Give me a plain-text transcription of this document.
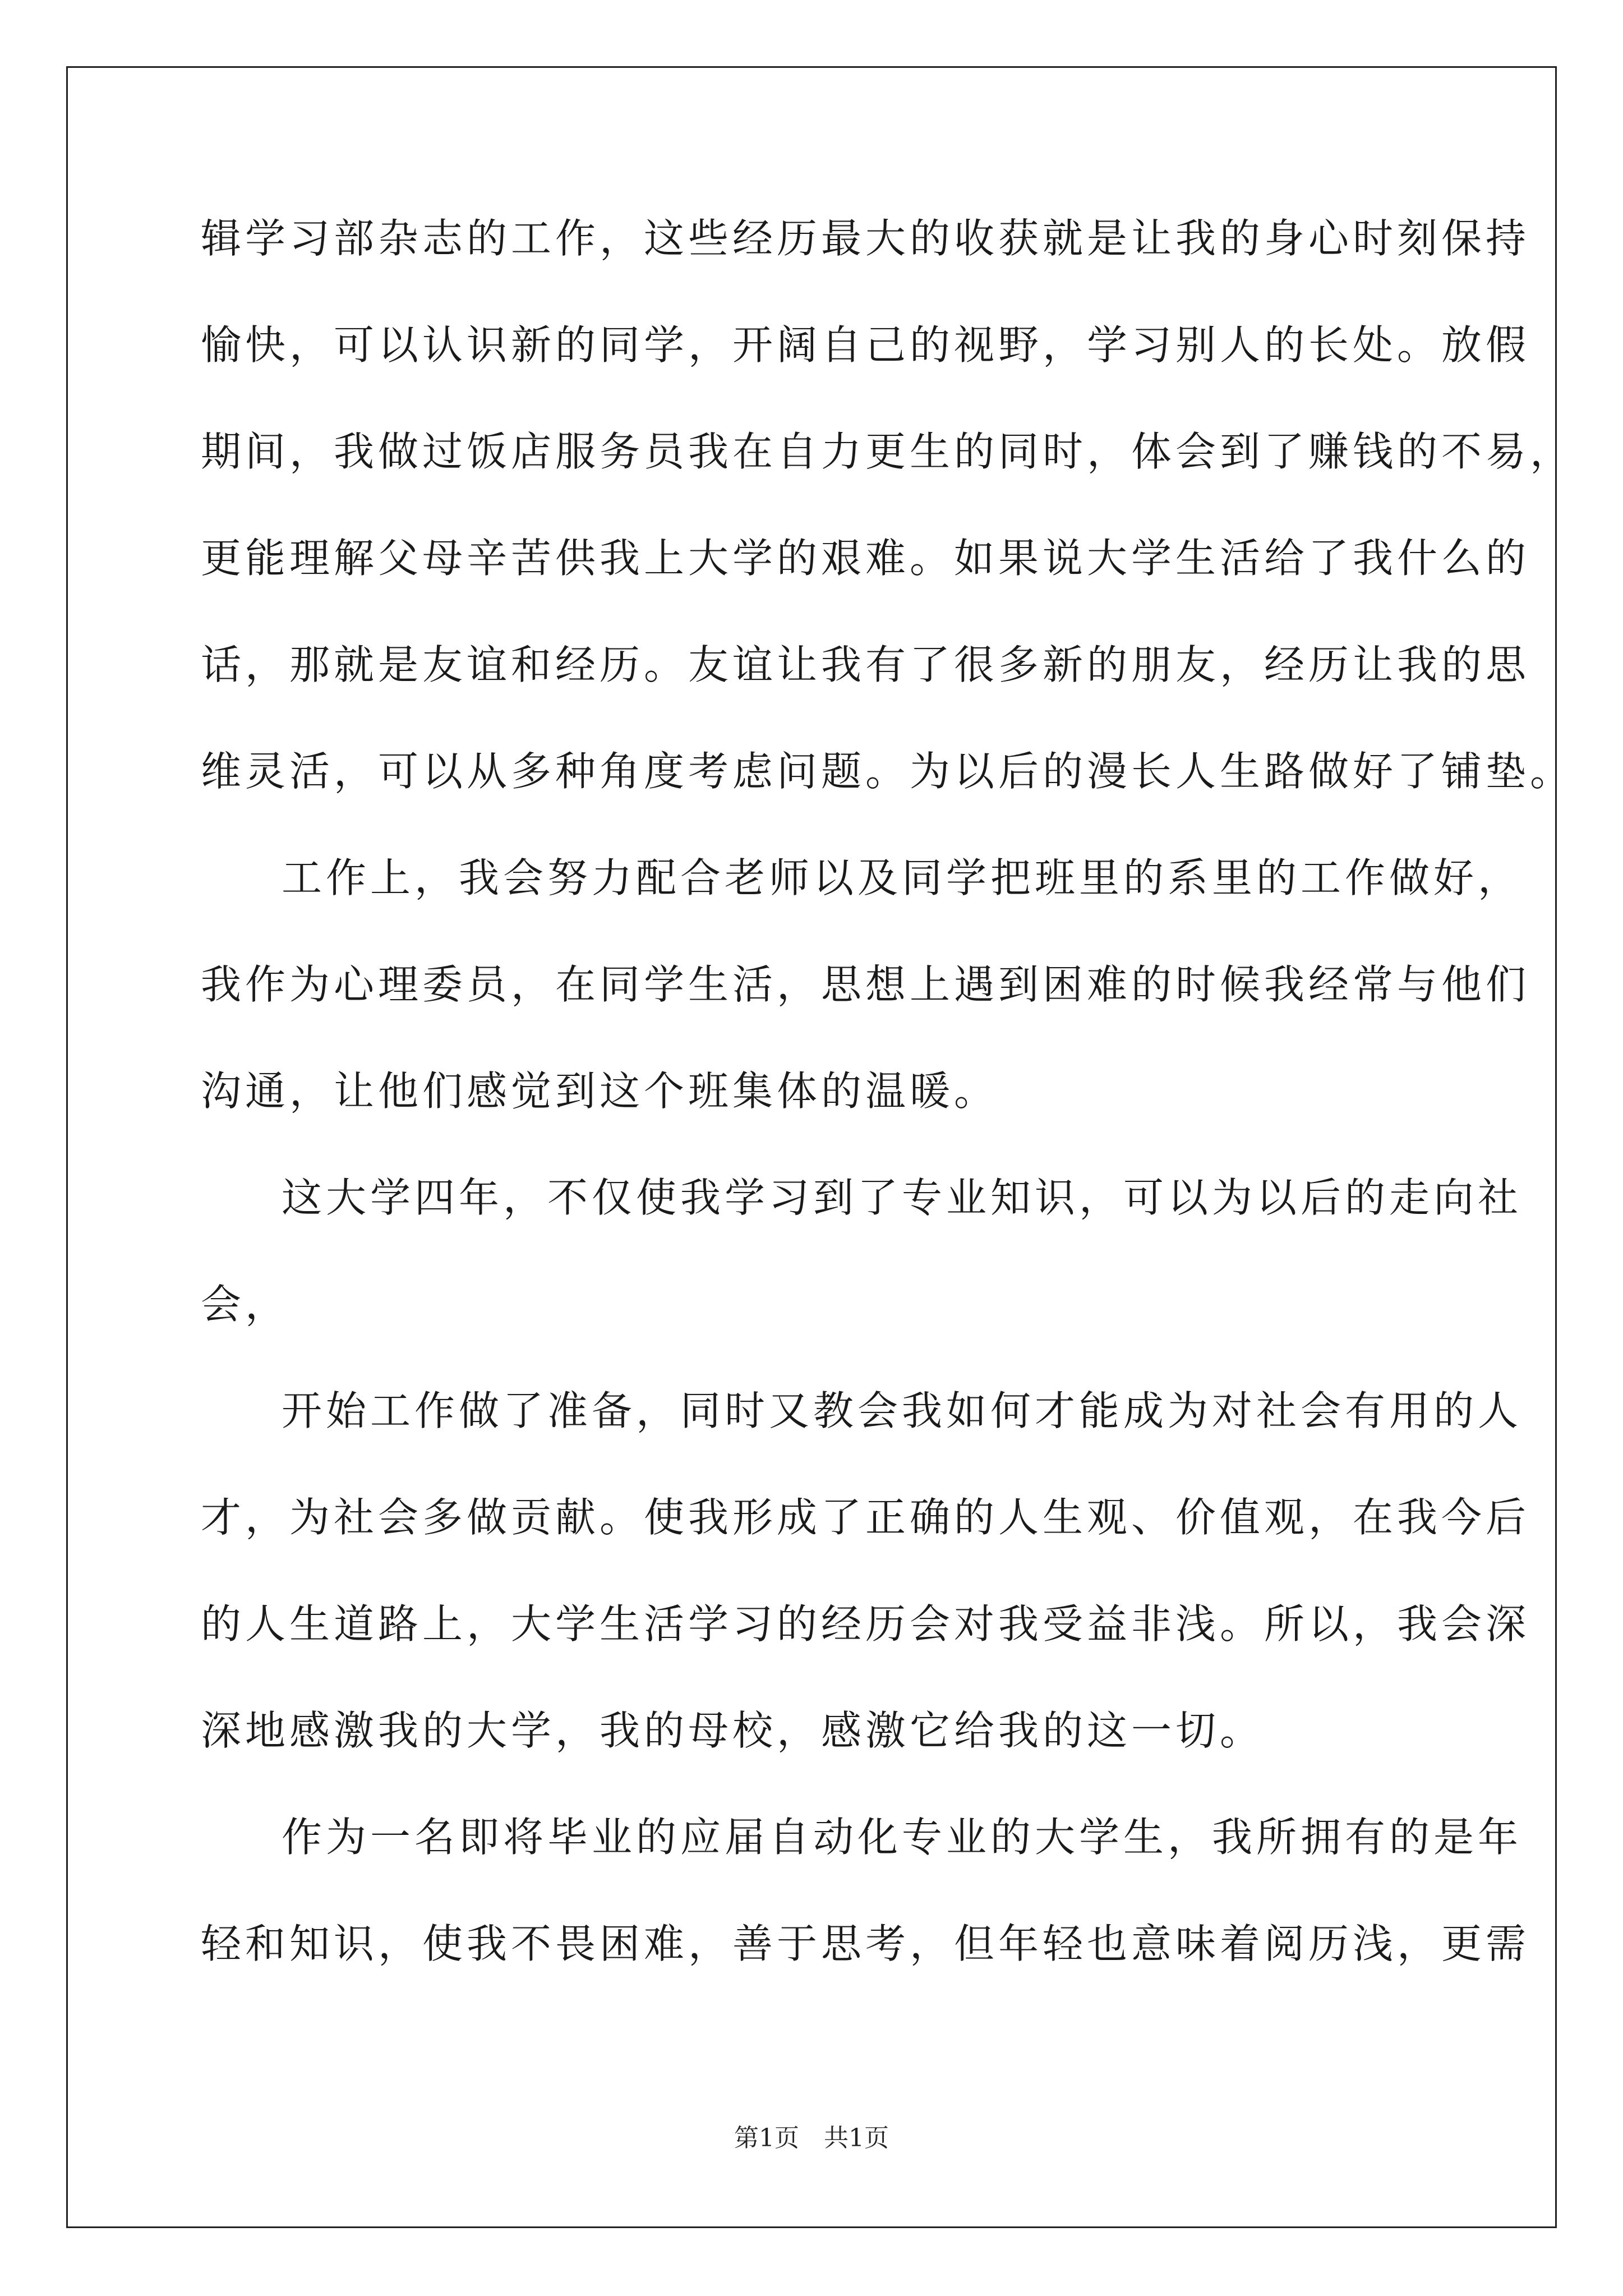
辑学习部杂志的工作，这些经历最大的收获就是让我的身心时刻保持
愉快，可以认识新的同学，开阔自己的视野，学习别人的长处。放假
期间，我做过饭店服务员我在自力更生的同时，体会到了赚钱的不易，
更能理解父母辛苦供我上大学的艰难。如果说大学生活给了我什么的
话，那就是友谊和经历。友谊让我有了很多新的朋友，经历让我的思
维灵活，可以从多种角度考虑问题。为以后的漫长人生路做好了铺垫。
工作上，我会努力配合老师以及同学把班里的系里的工作做好，
我作为心理委员，在同学生活，思想上遇到困难的时候我经常与他们
沟通，让他们感觉到这个班集体的温暖。
这大学四年，不仅使我学习到了专业知识，可以为以后的走向社
会，
开始工作做了准备，同时又教会我如何才能成为对社会有用的人
才，为社会多做贡献。使我形成了正确的人生观、价值观，在我今后
的人生道路上，大学生活学习的经历会对我受益非浅。所以，我会深
深地感激我的大学，我的母校，感激它给我的这一切。
作为一名即将毕业的应届自动化专业的大学生，我所拥有的是年
轻和知识，使我不畏困难，善于思考，但年轻也意味着阅历浅，更需
第1页 共1页
